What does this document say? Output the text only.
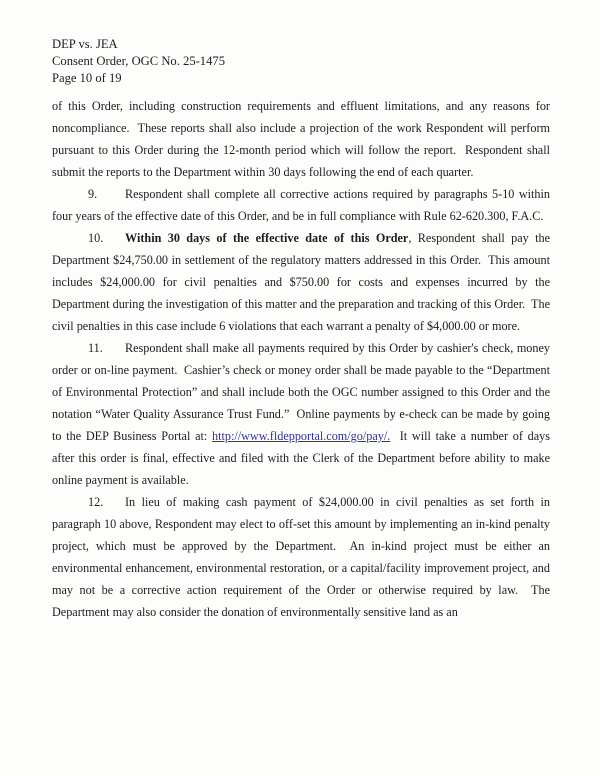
DEP vs. JEA
Consent Order, OGC No. 25-1475
Page 10 of 19

of this Order, including construction requirements and effluent limitations, and any reasons for noncompliance.  These reports shall also include a projection of the work Respondent will perform pursuant to this Order during the 12-month period which will follow the report.  Respondent shall submit the reports to the Department within 30 days following the end of each quarter.

9. Respondent shall complete all corrective actions required by paragraphs 5-10 within four years of the effective date of this Order, and be in full compliance with Rule 62-620.300, F.A.C.

10. Within 30 days of the effective date of this Order, Respondent shall pay the Department $24,750.00 in settlement of the regulatory matters addressed in this Order.  This amount includes $24,000.00 for civil penalties and $750.00 for costs and expenses incurred by the Department during the investigation of this matter and the preparation and tracking of this Order.  The civil penalties in this case include 6 violations that each warrant a penalty of $4,000.00 or more.

11. Respondent shall make all payments required by this Order by cashier's check, money order or on-line payment.  Cashier’s check or money order shall be made payable to the “Department of Environmental Protection” and shall include both the OGC number assigned to this Order and the notation “Water Quality Assurance Trust Fund.”  Online payments by e-check can be made by going to the DEP Business Portal at: http://www.fldepportal.com/go/pay/.  It will take a number of days after this order is final, effective and filed with the Clerk of the Department before ability to make online payment is available.

12. In lieu of making cash payment of $24,000.00 in civil penalties as set forth in paragraph 10 above, Respondent may elect to off-set this amount by implementing an in-kind penalty project, which must be approved by the Department.  An in-kind project must be either an environmental enhancement, environmental restoration, or a capital/facility improvement project, and may not be a corrective action requirement of the Order or otherwise required by law.  The Department may also consider the donation of environmentally sensitive land as an
